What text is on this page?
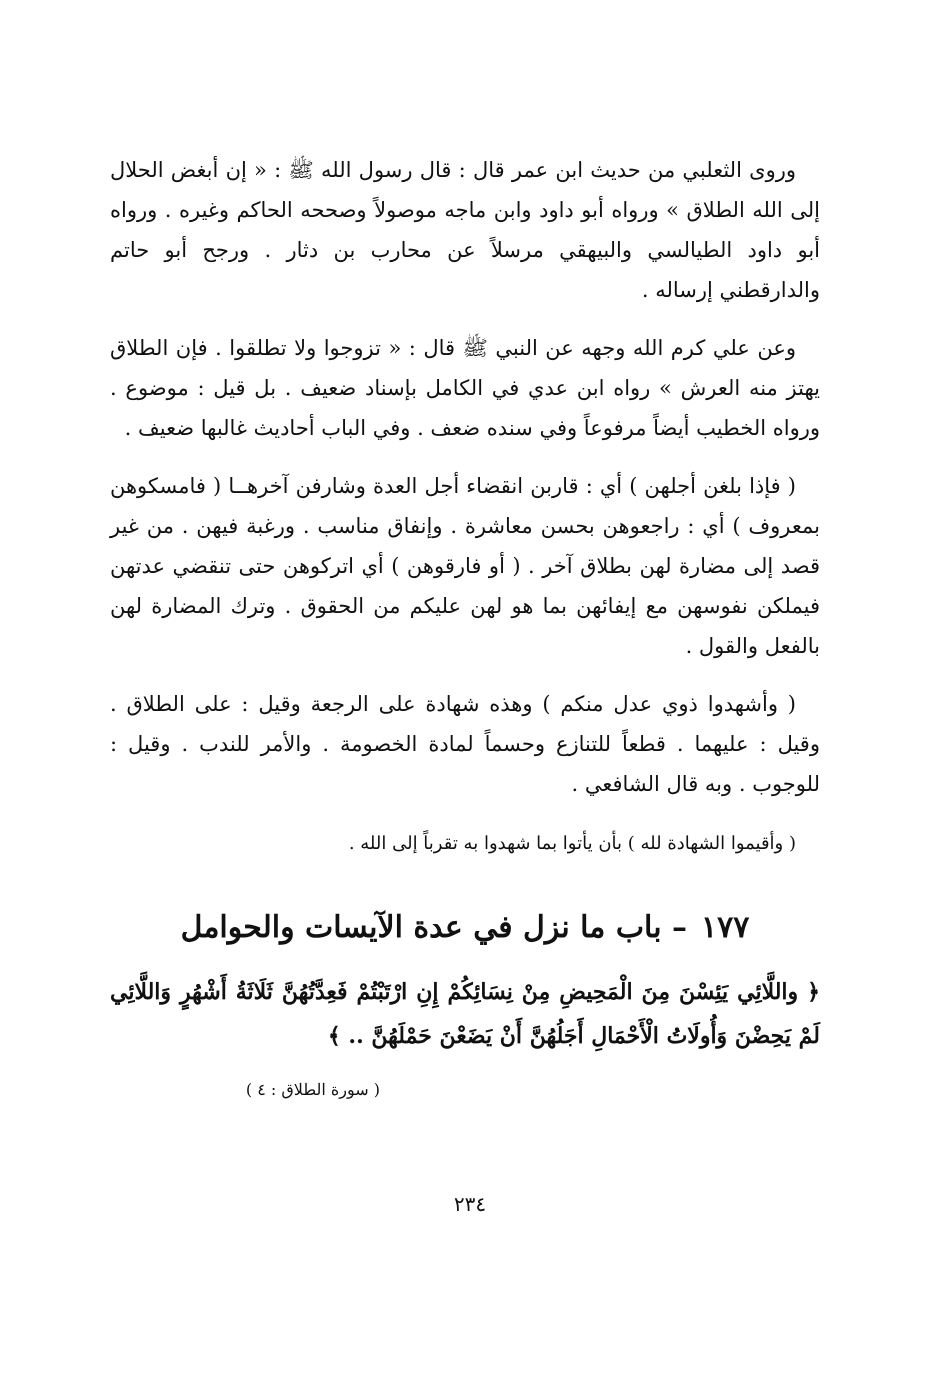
وروى الثعلبي من حديث ابن عمر قال : قال رسول الله ﷺ : « إن أبغض الحلال إلى الله الطلاق » ورواه أبو داود وابن ماجه موصولاً وصححه الحاكم وغيره . ورواه أبو داود الطيالسي والبيهقي مرسلاً عن محارب بن دثار . ورجح أبو حاتم والدارقطني إرساله .

وعن علي كرم الله وجهه عن النبي ﷺ قال : « تزوجوا ولا تطلقوا . فإن الطلاق يهتز منه العرش » رواه ابن عدي في الكامل بإسناد ضعيف . بل قيل : موضوع . ورواه الخطيب أيضاً مرفوعاً وفي سنده ضعف . وفي الباب أحاديث غالبها ضعيف .

( فإذا بلغن أجلهن ) أي : قاربن انقضاء أجل العدة وشارفن آخرهــا ( فامسكوهن بمعروف ) أي : راجعوهن بحسن معاشرة . وإنفاق مناسب . ورغبة فيهن . من غير قصد إلى مضارة لهن بطلاق آخر . ( أو فارقوهن ) أي اتركوهن حتى تنقضي عدتهن فيملكن نفوسهن مع إيفائهن بما هو لهن عليكم من الحقوق . وترك المضارة لهن بالفعل والقول .

( وأشهدوا ذوي عدل منكم ) وهذه شهادة على الرجعة وقيل : على الطلاق . وقيل : عليهما . قطعاً للتنازع وحسماً لمادة الخصومة . والأمر للندب . وقيل : للوجوب . وبه قال الشافعي .

( وأقيموا الشهادة لله ) بأن يأتوا بما شهدوا به تقرباً إلى الله .

١٧٧– باب ما نزل في عدة الآيسات والحوامل

﴿ واللَّائِي يَئِسْنَ مِنَ الْمَحِيضِ مِنْ نِسَائِكُمْ إِنِ ارْتَبْتُمْ فَعِدَّتُهُنَّ ثَلَاثَةُ أَشْهُرٍ وَاللَّائِي لَمْ يَحِضْنَ وَأُولَاتُ الْأَحْمَالِ أَجَلُهُنَّ أَنْ يَضَعْنَ حَمْلَهُنَّ .. ﴾

( سورة الطلاق : ٤ )
٢٣٤
